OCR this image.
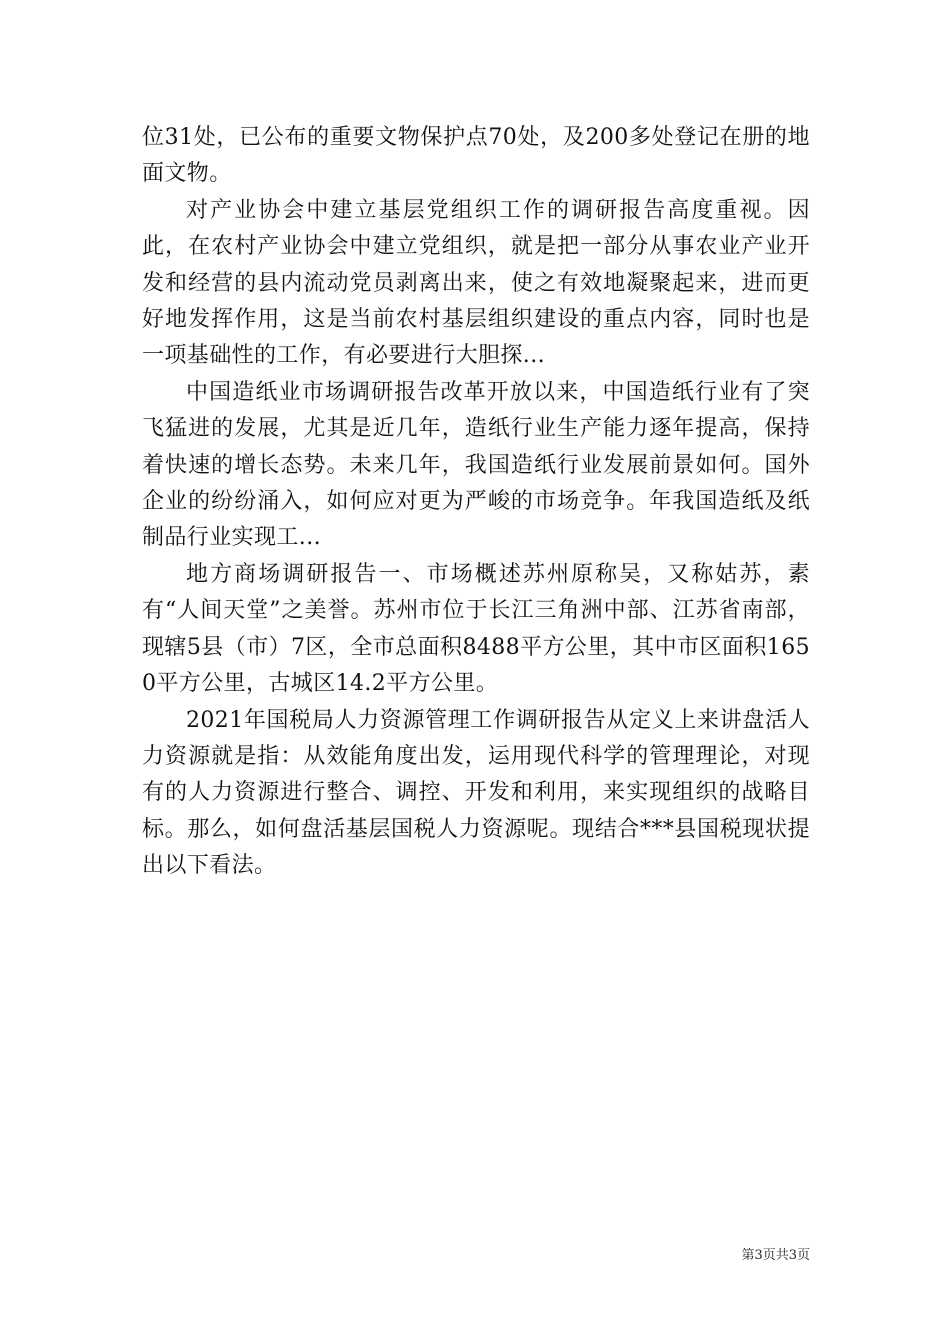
位31处，已公布的重要文物保护点70处，及200多处登记在册的地面文物。

对产业协会中建立基层党组织工作的调研报告高度重视。因此，在农村产业协会中建立党组织，就是把一部分从事农业产业开发和经营的县内流动党员剥离出来，使之有效地凝聚起来，进而更好地发挥作用，这是当前农村基层组织建设的重点内容，同时也是一项基础性的工作，有必要进行大胆探...

中国造纸业市场调研报告改革开放以来，中国造纸行业有了突飞猛进的发展，尤其是近几年，造纸行业生产能力逐年提高，保持着快速的增长态势。未来几年，我国造纸行业发展前景如何。国外企业的纷纷涌入，如何应对更为严峻的市场竞争。年我国造纸及纸制品行业实现工...

地方商场调研报告一、市场概述苏州原称吴，又称姑苏，素有“人间天堂”之美誉。苏州市位于长江三角洲中部、江苏省南部，现辖5县（市）7区，全市总面积8488平方公里，其中市区面积1650平方公里，古城区14.2平方公里。

2021年国税局人力资源管理工作调研报告从定义上来讲盘活人力资源就是指：从效能角度出发，运用现代科学的管理理论，对现有的人力资源进行整合、调控、开发和利用，来实现组织的战略目标。那么，如何盘活基层国税人力资源呢。现结合***县国税现状提出以下看法。

第3页共3页
